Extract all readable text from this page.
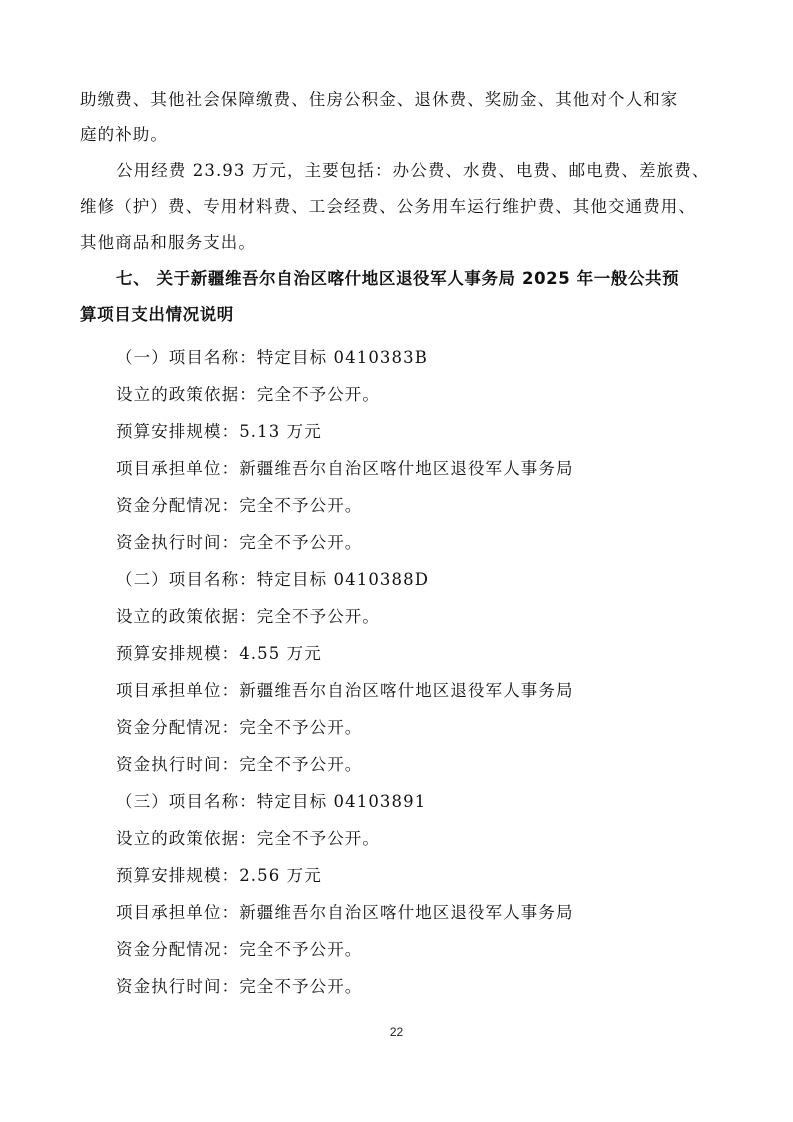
助缴费、其他社会保障缴费、住房公积金、退休费、奖励金、其他对个人和家
庭的补助。
公用经费 23.93 万元，主要包括：办公费、水费、电费、邮电费、差旅费、
维修（护）费、专用材料费、工会经费、公务用车运行维护费、其他交通费用、
其他商品和服务支出。
七、 关于新疆维吾尔自治区喀什地区退役军人事务局 2025 年一般公共预
算项目支出情况说明
（一）项目名称：特定目标 0410383B
设立的政策依据：完全不予公开。
预算安排规模：5.13 万元
项目承担单位：新疆维吾尔自治区喀什地区退役军人事务局
资金分配情况：完全不予公开。
资金执行时间：完全不予公开。
（二）项目名称：特定目标 0410388D
设立的政策依据：完全不予公开。
预算安排规模：4.55 万元
项目承担单位：新疆维吾尔自治区喀什地区退役军人事务局
资金分配情况：完全不予公开。
资金执行时间：完全不予公开。
（三）项目名称：特定目标 04103891
设立的政策依据：完全不予公开。
预算安排规模：2.56 万元
项目承担单位：新疆维吾尔自治区喀什地区退役军人事务局
资金分配情况：完全不予公开。
资金执行时间：完全不予公开。
22
